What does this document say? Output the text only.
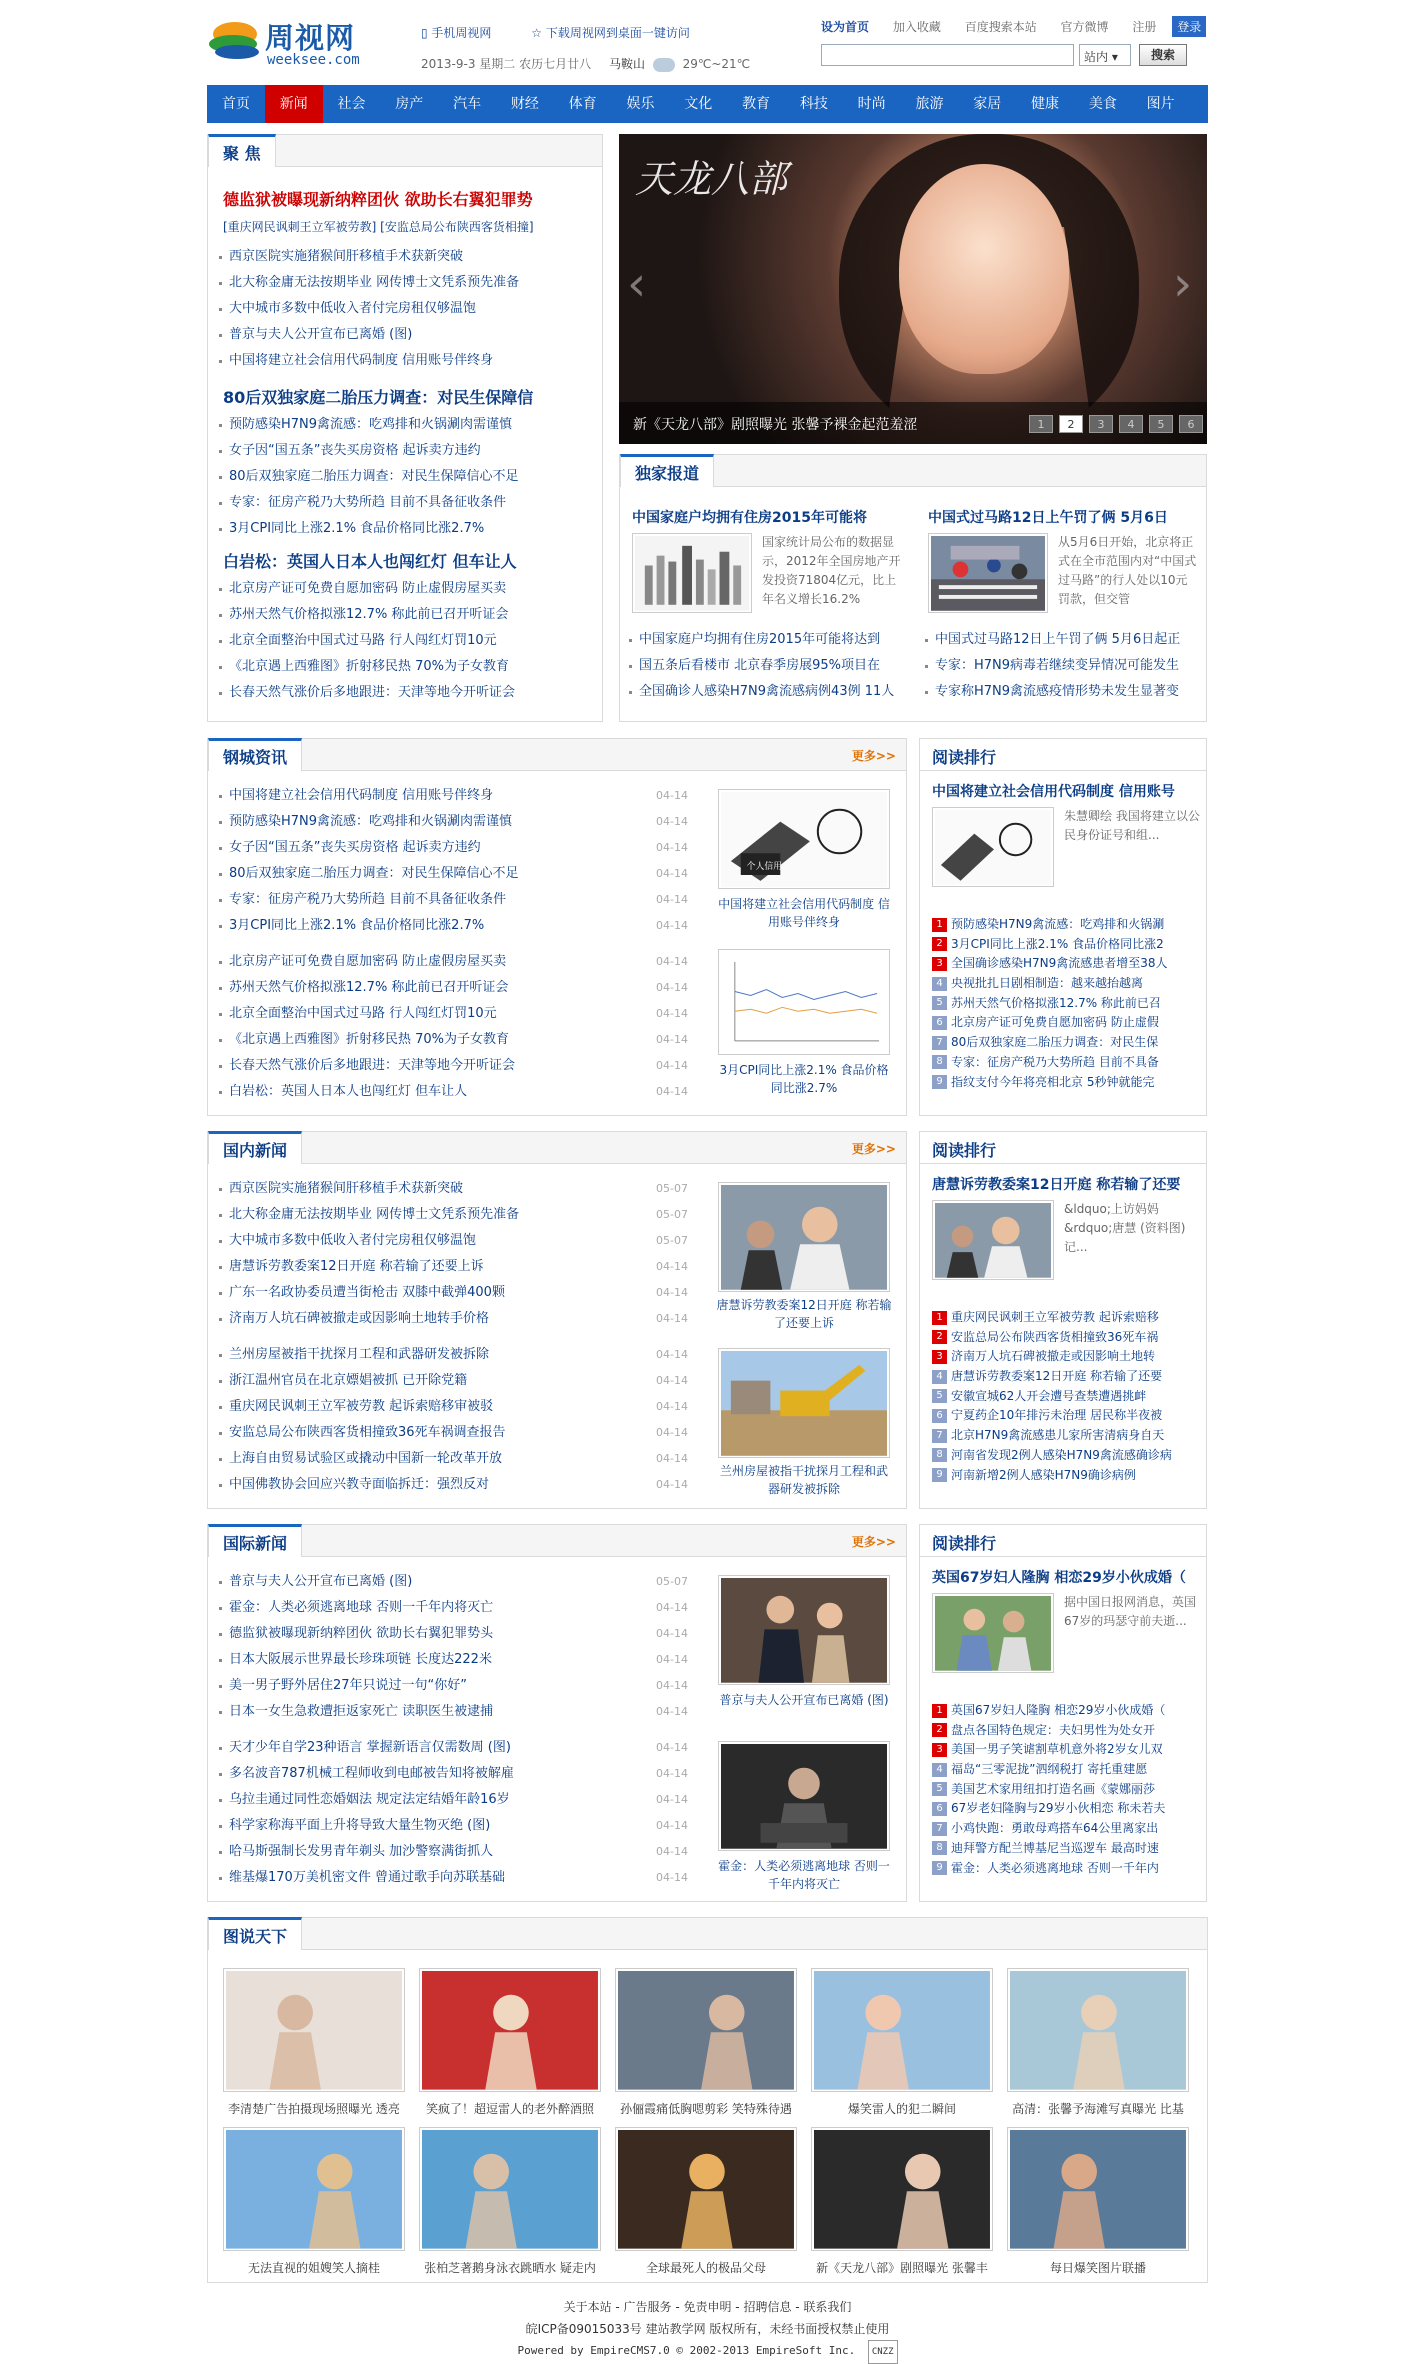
周视网
weeksee.com
▯ 手机周视网	☆ 下载周视网到桌面一键访问
2013-9-3 星期二 农历七月廿八 马鞍山	29℃~21℃
设为首页 加入收藏 百度搜索本站 官方微博 注册 登录
站内 ▾	搜索
首页	新闻	社会	房产	汽车	财经	体育	娱乐	文化	教育	科技	时尚	旅游	家居	健康	美食	图片
聚 焦
德监狱被曝现新纳粹团伙 欲助长右翼犯罪势
[重庆网民讽刺王立军被劳教] [安监总局公布陕西客货相撞]
西京医院实施猪猴间肝移植手术获新突破
北大称金庸无法按期毕业 网传博士文凭系预先准备
大中城市多数中低收入者付完房租仅够温饱
普京与夫人公开宣布已离婚 (图)
中国将建立社会信用代码制度 信用账号伴终身
80后双独家庭二胎压力调查：对民生保障信
预防感染H7N9禽流感：吃鸡排和火锅涮肉需谨慎
女子因“国五条”丧失买房资格 起诉卖方违约
80后双独家庭二胎压力调查：对民生保障信心不足
专家：征房产税乃大势所趋 目前不具备征收条件
3月CPI同比上涨2.1% 食品价格同比涨2.7%
白岩松：英国人日本人也闯红灯 但车让人
北京房产证可免费自愿加密码 防止虚假房屋买卖
苏州天然气价格拟涨12.7% 称此前已召开听证会
北京全面整治中国式过马路 行人闯红灯罚10元
《北京遇上西雅图》折射移民热 70%为子女教育
长春天然气涨价后多地跟进：天津等地今开听证会
天龙八部
‹	›
新《天龙八部》剧照曝光 张馨予裸金起范羞涩	1	2	3	4	5	6
独家报道
中国家庭户均拥有住房2015年可能将
国家统计局公布的数据显示，2012年全国房地产开发投资71804亿元，比上年名义增长16.2%
中国家庭户均拥有住房2015年可能将达到
国五条后看楼市 北京春季房展95%项目在
全国确诊人感染H7N9禽流感病例43例 11人
中国式过马路12日上午罚了俩 5月6日
从5月6日开始，北京将正式在全市范围内对“中国式过马路”的行人处以10元罚款，但交管
中国式过马路12日上午罚了俩 5月6日起正
专家：H7N9病毒若继续变异情况可能发生
专家称H7N9禽流感疫情形势未发生显著变
钢城资讯	更多>>
中国将建立社会信用代码制度 信用账号伴终身	04-14
预防感染H7N9禽流感：吃鸡排和火锅涮肉需谨慎	04-14
女子因“国五条”丧失买房资格 起诉卖方违约	04-14
80后双独家庭二胎压力调查：对民生保障信心不足	04-14
专家：征房产税乃大势所趋 目前不具备征收条件	04-14
3月CPI同比上涨2.1% 食品价格同比涨2.7%	04-14
北京房产证可免费自愿加密码 防止虚假房屋买卖	04-14
苏州天然气价格拟涨12.7% 称此前已召开听证会	04-14
北京全面整治中国式过马路 行人闯红灯罚10元	04-14
《北京遇上西雅图》折射移民热 70%为子女教育	04-14
长春天然气涨价后多地跟进：天津等地今开听证会	04-14
白岩松：英国人日本人也闯红灯 但车让人	04-14
个人信用
中国将建立社会信用代码制度 信用账号伴终身
3月CPI同比上涨2.1% 食品价格同比涨2.7%
阅读排行
中国将建立社会信用代码制度 信用账号
朱慧卿绘 我国将建立以公民身份证号和组...
1 预防感染H7N9禽流感：吃鸡排和火锅涮
2 3月CPI同比上涨2.1% 食品价格同比涨2
3 全国确诊感染H7N9禽流感患者增至38人
4 央视批扎日剧相制造：越来越抬越离
5 苏州天然气价格拟涨12.7% 称此前已召
6 北京房产证可免费自愿加密码 防止虚假
7 80后双独家庭二胎压力调查：对民生保
8 专家：征房产税乃大势所趋 目前不具备
9 指纹支付今年将亮相北京 5秒钟就能完
国内新闻	更多>>
西京医院实施猪猴间肝移植手术获新突破	05-07
北大称金庸无法按期毕业 网传博士文凭系预先准备	05-07
大中城市多数中低收入者付完房租仅够温饱	05-07
唐慧诉劳教委案12日开庭 称若输了还要上诉	04-14
广东一名政协委员遭当街枪击 双膝中截弹400颗	04-14
济南万人坑石碑被撤走或因影响土地转手价格	04-14
兰州房屋被指干扰探月工程和武器研发被拆除	04-14
浙江温州官员在北京嫖娼被抓 已开除党籍	04-14
重庆网民讽刺王立军被劳教 起诉索赔移审被驳	04-14
安监总局公布陕西客货相撞致36死车祸调查报告	04-14
上海自由贸易试验区或撬动中国新一轮改革开放	04-14
中国佛教协会回应兴教寺面临拆迁：强烈反对	04-14
唐慧诉劳教委案12日开庭 称若输了还要上诉
兰州房屋被指干扰探月工程和武器研发被拆除
阅读排行
唐慧诉劳教委案12日开庭 称若输了还要
&ldquo;上访妈妈&rdquo;唐慧 (资料图) 记...
1 重庆网民讽刺王立军被劳教 起诉索赔移
2 安监总局公布陕西客货相撞致36死车祸
3 济南万人坑石碑被撤走或因影响土地转
4 唐慧诉劳教委案12日开庭 称若输了还要
5 安徽宣城62人开会遭号查禁遭遇挑衅
6 宁夏药企10年排污未治理 居民称半夜被
7 北京H7N9禽流感患儿家所害清病身自天
8 河南省发现2例人感染H7N9禽流感确诊病
9 河南新增2例人感染H7N9确诊病例
国际新闻	更多>>
普京与夫人公开宣布已离婚 (图)	05-07
霍金：人类必须逃离地球 否则一千年内将灭亡	04-14
德监狱被曝现新纳粹团伙 欲助长右翼犯罪势头	04-14
日本大阪展示世界最长珍珠项链 长度达222米	04-14
美一男子野外居住27年只说过一句“你好”	04-14
日本一女生急救遭拒返家死亡 读职医生被逮捕	04-14
天才少年自学23种语言 掌握新语言仅需数周 (图)	04-14
多名波音787机械工程师收到电邮被告知将被解雇	04-14
乌拉圭通过同性恋婚姻法 规定法定结婚年龄16岁	04-14
科学家称海平面上升将导致大量生物灭绝 (图)	04-14
哈马斯强制长发男青年剃头 加沙警察满街抓人	04-14
维基爆170万美机密文件 曾通过歌手向苏联基础	04-14
普京与夫人公开宣布已离婚 (图)
霍金：人类必须逃离地球 否则一千年内将灭亡
阅读排行
英国67岁妇人隆胸 相恋29岁小伙成婚（
据中国日报网消息，英国67岁的玛瑟守前夫逝...
1 英国67岁妇人隆胸 相恋29岁小伙成婚（
2 盘点各国特色规定：夫妇男性为处女开
3 美国一男子笑谑割草机意外将2岁女儿双
4 福岛“三零泥拢”泗纲税打 寄托重建愿
5 美国艺术家用纽扣打造名画《蒙娜丽莎
6 67岁老妇隆胸与29岁小伙相恋 称未若夫
7 小鸡快跑：勇敢母鸡搭车64公里离家出
8 迪拜警方配兰博基尼当巡逻车 最高时速
9 霍金：人类必须逃离地球 否则一千年内
图说天下
李清楚广告拍摄现场照曝光 透亮	笑疯了！超逗雷人的老外醉酒照	孙俪霞痛低胸嗯剪彩 笑特殊待遇	爆笑雷人的犯二瞬间	高清：张馨予海滩写真曝光 比基
无法直视的姐嫂笑人摘桂	张柏芝著鹅身泳衣跳晒水 疑走内	全球最死人的极品父母	新《天龙八部》剧照曝光 张馨丰	每日爆笑图片联播
关于本站 - 广告服务 - 免责申明 - 招聘信息 - 联系我们
皖ICP备09015033号 建站教学网 版权所有，未经书面授权禁止使用
Powered by EmpireCMS7.0 © 2002-2013 EmpireSoft Inc. CNZZ
